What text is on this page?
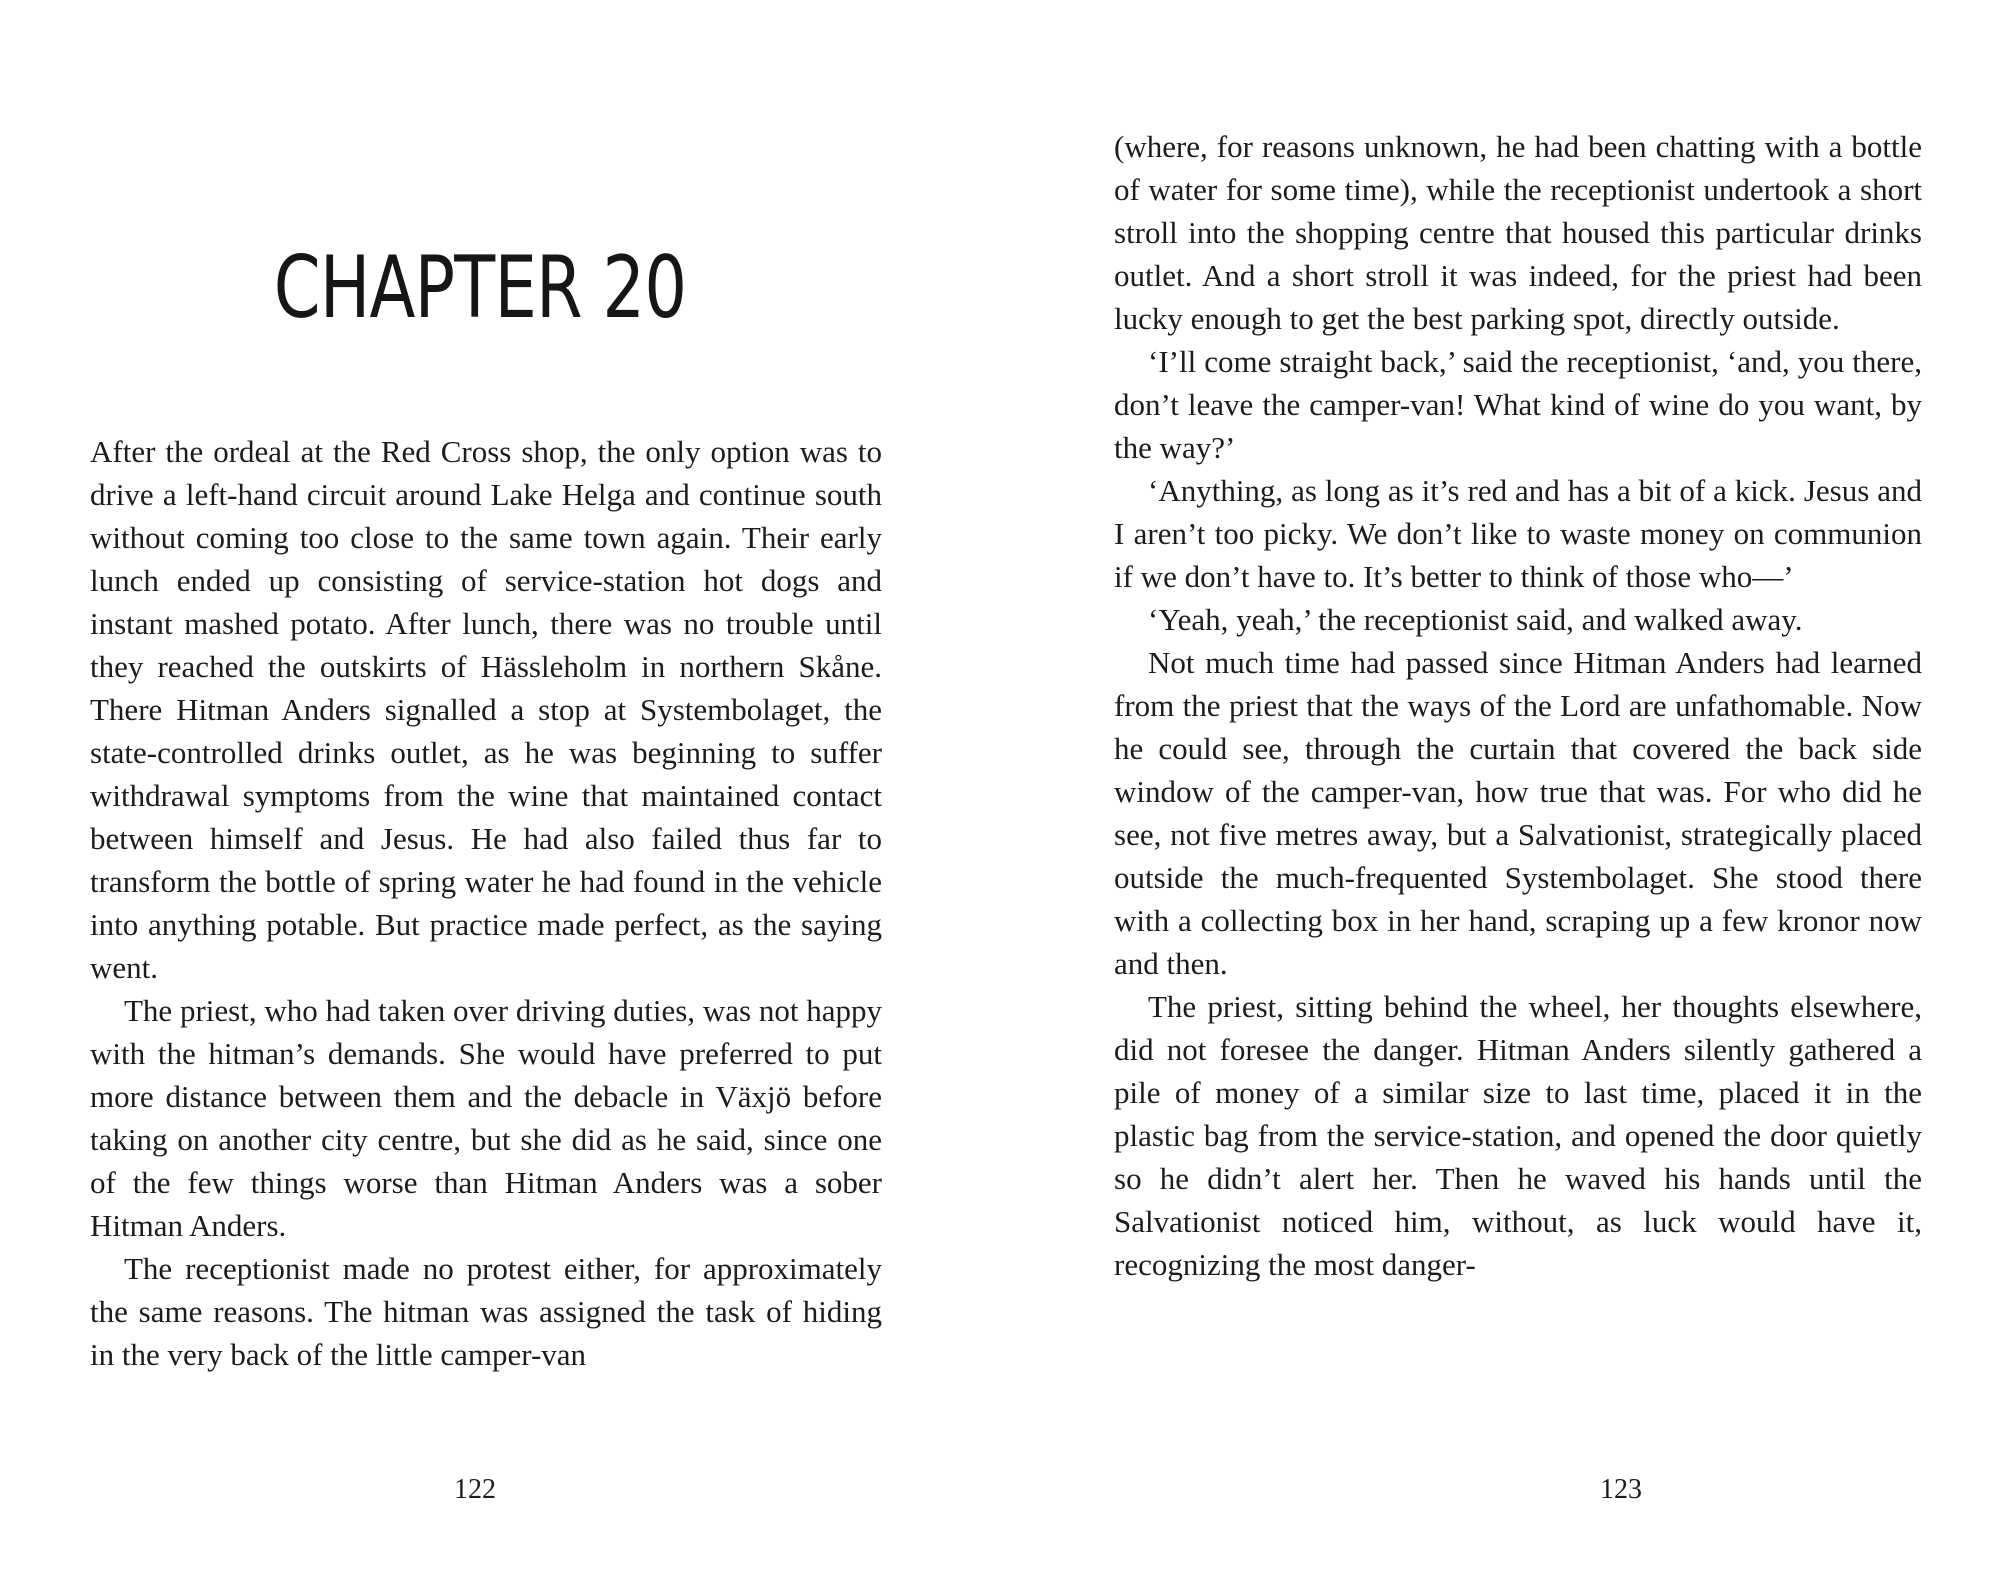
CHAPTER 20

After the ordeal at the Red Cross shop, the only option was to drive a left-hand circuit around Lake Helga and continue south without coming too close to the same town again. Their early lunch ended up consisting of service-station hot dogs and instant mashed potato. After lunch, there was no trouble until they reached the outskirts of Hässleholm in northern Skåne. There Hitman Anders signalled a stop at Systembolaget, the state-controlled drinks outlet, as he was beginning to suffer withdrawal symptoms from the wine that maintained contact between himself and Jesus. He had also failed thus far to transform the bottle of spring water he had found in the vehicle into anything potable. But practice made perfect, as the saying went.

The priest, who had taken over driving duties, was not happy with the hitman’s demands. She would have preferred to put more distance between them and the debacle in Växjö before taking on another city centre, but she did as he said, since one of the few things worse than Hitman Anders was a sober Hitman Anders.

The receptionist made no protest either, for approximately the same reasons. The hitman was assigned the task of hiding in the very back of the little camper-van

122

(where, for reasons unknown, he had been chatting with a bottle of water for some time), while the receptionist undertook a short stroll into the shopping centre that housed this particular drinks outlet. And a short stroll it was indeed, for the priest had been lucky enough to get the best parking spot, directly outside.

‘I’ll come straight back,’ said the receptionist, ‘and, you there, don’t leave the camper-van! What kind of wine do you want, by the way?’

‘Anything, as long as it’s red and has a bit of a kick. Jesus and I aren’t too picky. We don’t like to waste money on communion if we don’t have to. It’s better to think of those who—’

‘Yeah, yeah,’ the receptionist said, and walked away.

Not much time had passed since Hitman Anders had learned from the priest that the ways of the Lord are unfathomable. Now he could see, through the curtain that covered the back side window of the camper-van, how true that was. For who did he see, not five metres away, but a Salvationist, strategically placed outside the much-frequented Systembolaget. She stood there with a collecting box in her hand, scraping up a few kronor now and then.

The priest, sitting behind the wheel, her thoughts elsewhere, did not foresee the danger. Hitman Anders silently gathered a pile of money of a similar size to last time, placed it in the plastic bag from the service-station, and opened the door quietly so he didn’t alert her. Then he waved his hands until the Salvationist noticed him, without, as luck would have it, recognizing the most danger-

123
